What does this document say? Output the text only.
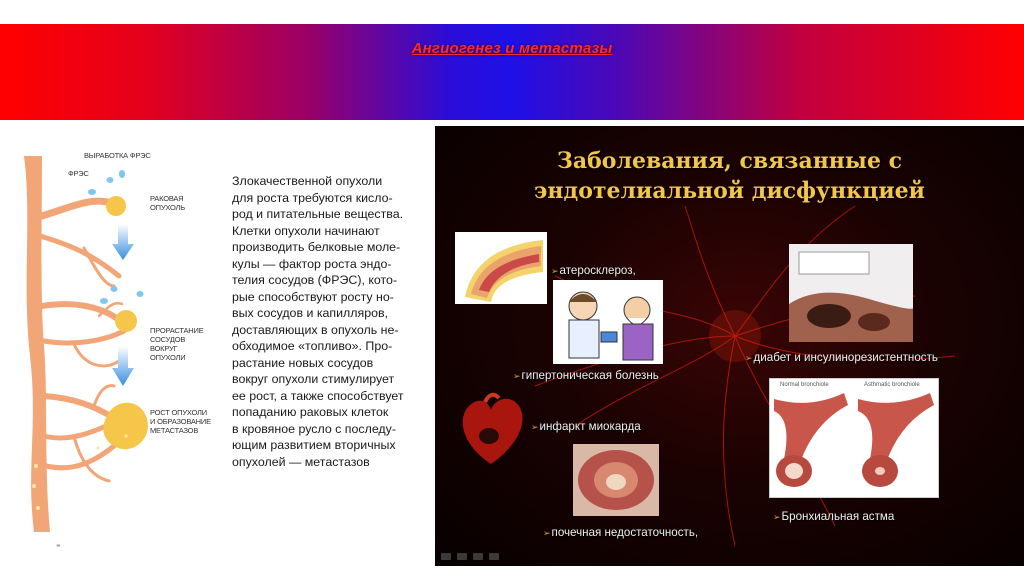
Ангиогенез и метастазы
ВЫРАБОТКА ФРЭС
ФРЭС
РАКОВАЯ
ОПУХОЛЬ
ПРОРАСТАНИЕ
СОСУДОВ
ВОКРУГ
ОПУХОЛИ
РОСТ ОПУХОЛИ
И ОБРАЗОВАНИЕ
МЕТАСТАЗОВ
Злокачественной опухоли
для роста требуются кисло-
род и питательные вещества.
Клетки опухоли начинают
производить белковые моле-
кулы — фактор роста эндо-
телия сосудов (ФРЭС), кото-
рые способствуют росту но-
вых сосудов и капилляров,
доставляющих в опухоль не-
обходимое «топливо». Про-
растание новых сосудов
вокруг опухоли стимулирует
ее рост, а также способствует
попаданию раковых клеток
в кровяное русло с последу-
ющим развитием вторичных
опухолей — метастазов
⁼
Заболевания, связанные с
эндотелиальной дисфункцией
➢атеросклероз,
➢диабет и инсулинорезистентность
➢гипертоническая болезнь
➢инфаркт миокарда
➢почечная недостаточность,
Normal bronchiole	Asthmatic bronchiole
➢Бронхиальная астма
